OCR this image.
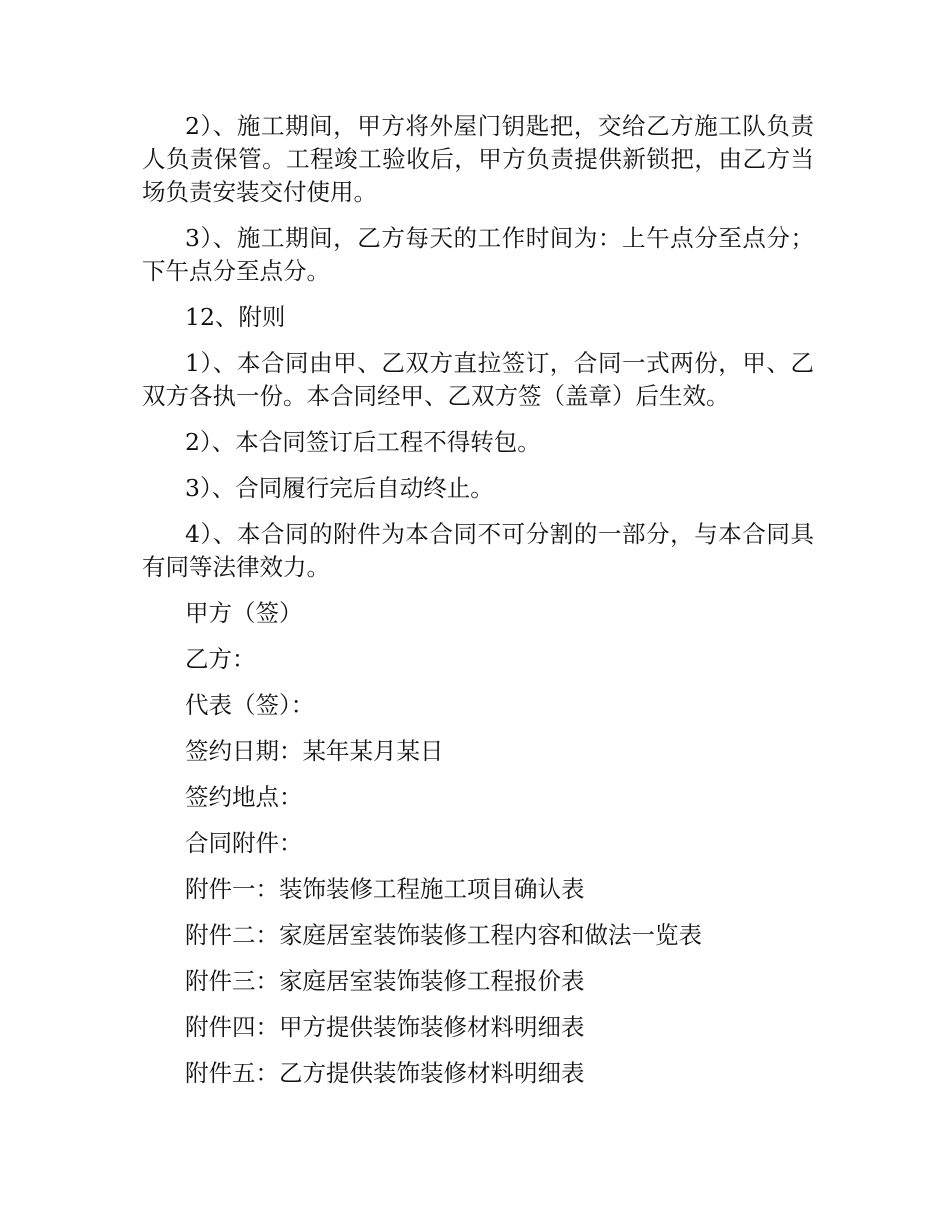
2）、施工期间，甲方将外屋门钥匙把，交给乙方施工队负责人负责保管。工程竣工验收后，甲方负责提供新锁把，由乙方当场负责安装交付使用。

3）、施工期间，乙方每天的工作时间为：上午点分至点分；下午点分至点分。

12、附则

1）、本合同由甲、乙双方直拉签订，合同一式两份，甲、乙双方各执一份。本合同经甲、乙双方签（盖章）后生效。

2）、本合同签订后工程不得转包。

3）、合同履行完后自动终止。

4）、本合同的附件为本合同不可分割的一部分，与本合同具有同等法律效力。

甲方（签）
乙方：
代表（签）：
签约日期：某年某月某日
签约地点：
合同附件：
附件一：装饰装修工程施工项目确认表
附件二：家庭居室装饰装修工程内容和做法一览表
附件三：家庭居室装饰装修工程报价表
附件四：甲方提供装饰装修材料明细表
附件五：乙方提供装饰装修材料明细表
